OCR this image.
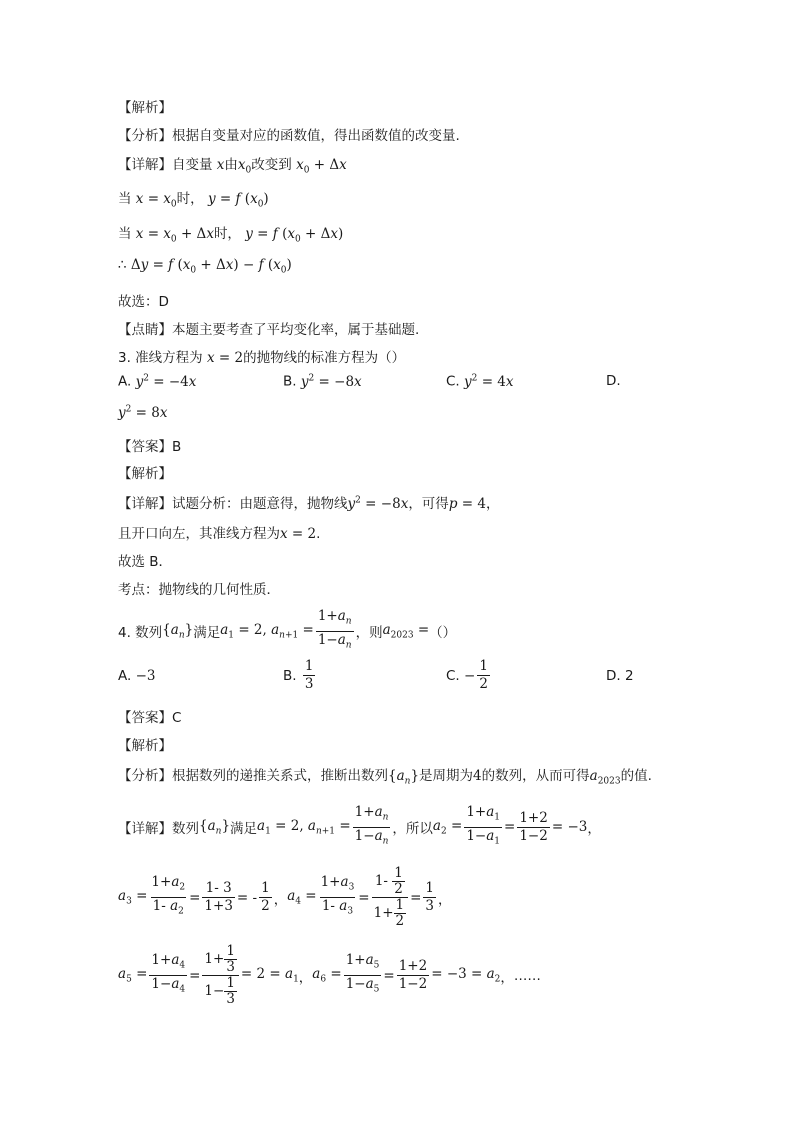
【解析】
【分析】根据自变量对应的函数值，得出函数值的改变量.
【详解】自变量 x由$x_0$改变到 $x_0 + \Delta x$
当 $x = x_0$时， y = f $(x_0)$
当 $x = x_0 + \Delta x$时， y = f $(x_0 + \Delta x)$
∴ Δy = f $(x_0 + \Delta x) - f$ $(x_0)$
故选：D
【点睛】本题主要考查了平均变化率，属于基础题.
3. 准线方程为 x = 2的抛物线的标准方程为（）
A. $y^2 = -4x$	B. $y^2 = -8x$	C. $y^2 = 4x$	D.
$y^2 = 8x$
【答案】B
【解析】
【详解】试题分析：由题意得，抛物线$y^2 = -8x$，可得p = 4，
且开口向左，其准线方程为x = 2.
故选 B．
考点：抛物线的几何性质．
4. 数列 $\{a_n\}$ 满足 $a_1 = 2$, $a_{n+1} = \frac{1+a_n}{1-a_n}$ ，则 $a_{2023}$ = （）
A.
−3	B.
$\frac{1}{3}$	C.
− $\frac{1}{2}$	D. 2
【答案】C
【解析】
【分析】根据数列的递推关系式，推断出数列$\{a_n\}$是周期为4的数列，从而可得$a_{2023}$的值.
【详解】数列 $\{a_n\}$ 满足 $a_1 = 2$, $a_{n+1} = \frac{1+a_n}{1-a_n}$ ，所以 $a_2 = \frac{1+a_1}{1-a_1} = \frac{1+2}{1-2} = -3$ ，
$a_3 = \frac{1+a_2}{1- a_2} = \frac{1- 3}{1+3}$ = - $\frac{1}{2}$ ， $a_4 = \frac{1+a_3}{1- a_3} = \frac{1- \frac{1}{2}}{1+ \frac{1}{2}} = \frac{1}{3}$ ，
$a_5 = \frac{1+a_4}{1-a_4} = \frac{1+ \frac{1}{3}}{1- \frac{1}{3}} = 2 = a_1$ ， $a_6 = \frac{1+a_5}{1-a_5} = \frac{1+2}{1-2} = -3 = a_2$ ， ……
